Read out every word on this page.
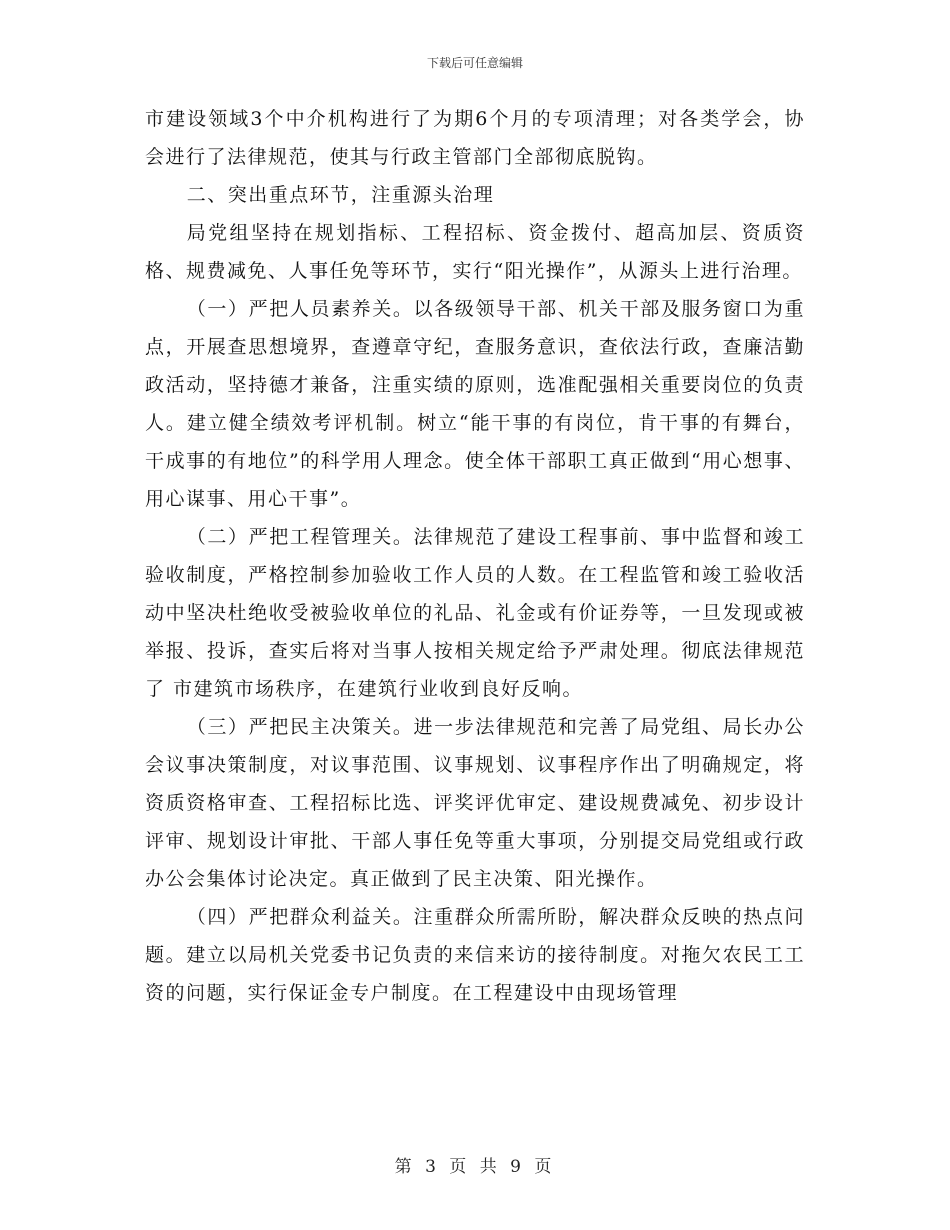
下载后可任意编辑

市建设领域3个中介机构进行了为期6个月的专项清理；对各类学会，协会进行了法律规范，使其与行政主管部门全部彻底脱钩。

二、突出重点环节，注重源头治理

局党组坚持在规划指标、工程招标、资金拨付、超高加层、资质资格、规费减免、人事任免等环节，实行“阳光操作”，从源头上进行治理。

（一）严把人员素养关。以各级领导干部、机关干部及服务窗口为重点，开展查思想境界，查遵章守纪，查服务意识，查依法行政，查廉洁勤政活动，坚持德才兼备，注重实绩的原则，选准配强相关重要岗位的负责人。建立健全绩效考评机制。树立“能干事的有岗位，肯干事的有舞台，干成事的有地位”的科学用人理念。使全体干部职工真正做到“用心想事、用心谋事、用心干事”。

（二）严把工程管理关。法律规范了建设工程事前、事中监督和竣工验收制度，严格控制参加验收工作人员的人数。在工程监管和竣工验收活动中坚决杜绝收受被验收单位的礼品、礼金或有价证券等，一旦发现或被举报、投诉，查实后将对当事人按相关规定给予严肃处理。彻底法律规范了 市建筑市场秩序，在建筑行业收到良好反响。

（三）严把民主决策关。进一步法律规范和完善了局党组、局长办公会议事决策制度，对议事范围、议事规划、议事程序作出了明确规定，将资质资格审查、工程招标比选、评奖评优审定、建设规费减免、初步设计评审、规划设计审批、干部人事任免等重大事项，分别提交局党组或行政办公会集体讨论决定。真正做到了民主决策、阳光操作。

（四）严把群众利益关。注重群众所需所盼，解决群众反映的热点问题。建立以局机关党委书记负责的来信来访的接待制度。对拖欠农民工工资的问题，实行保证金专户制度。在工程建设中由现场管理

第 3 页 共 9 页
